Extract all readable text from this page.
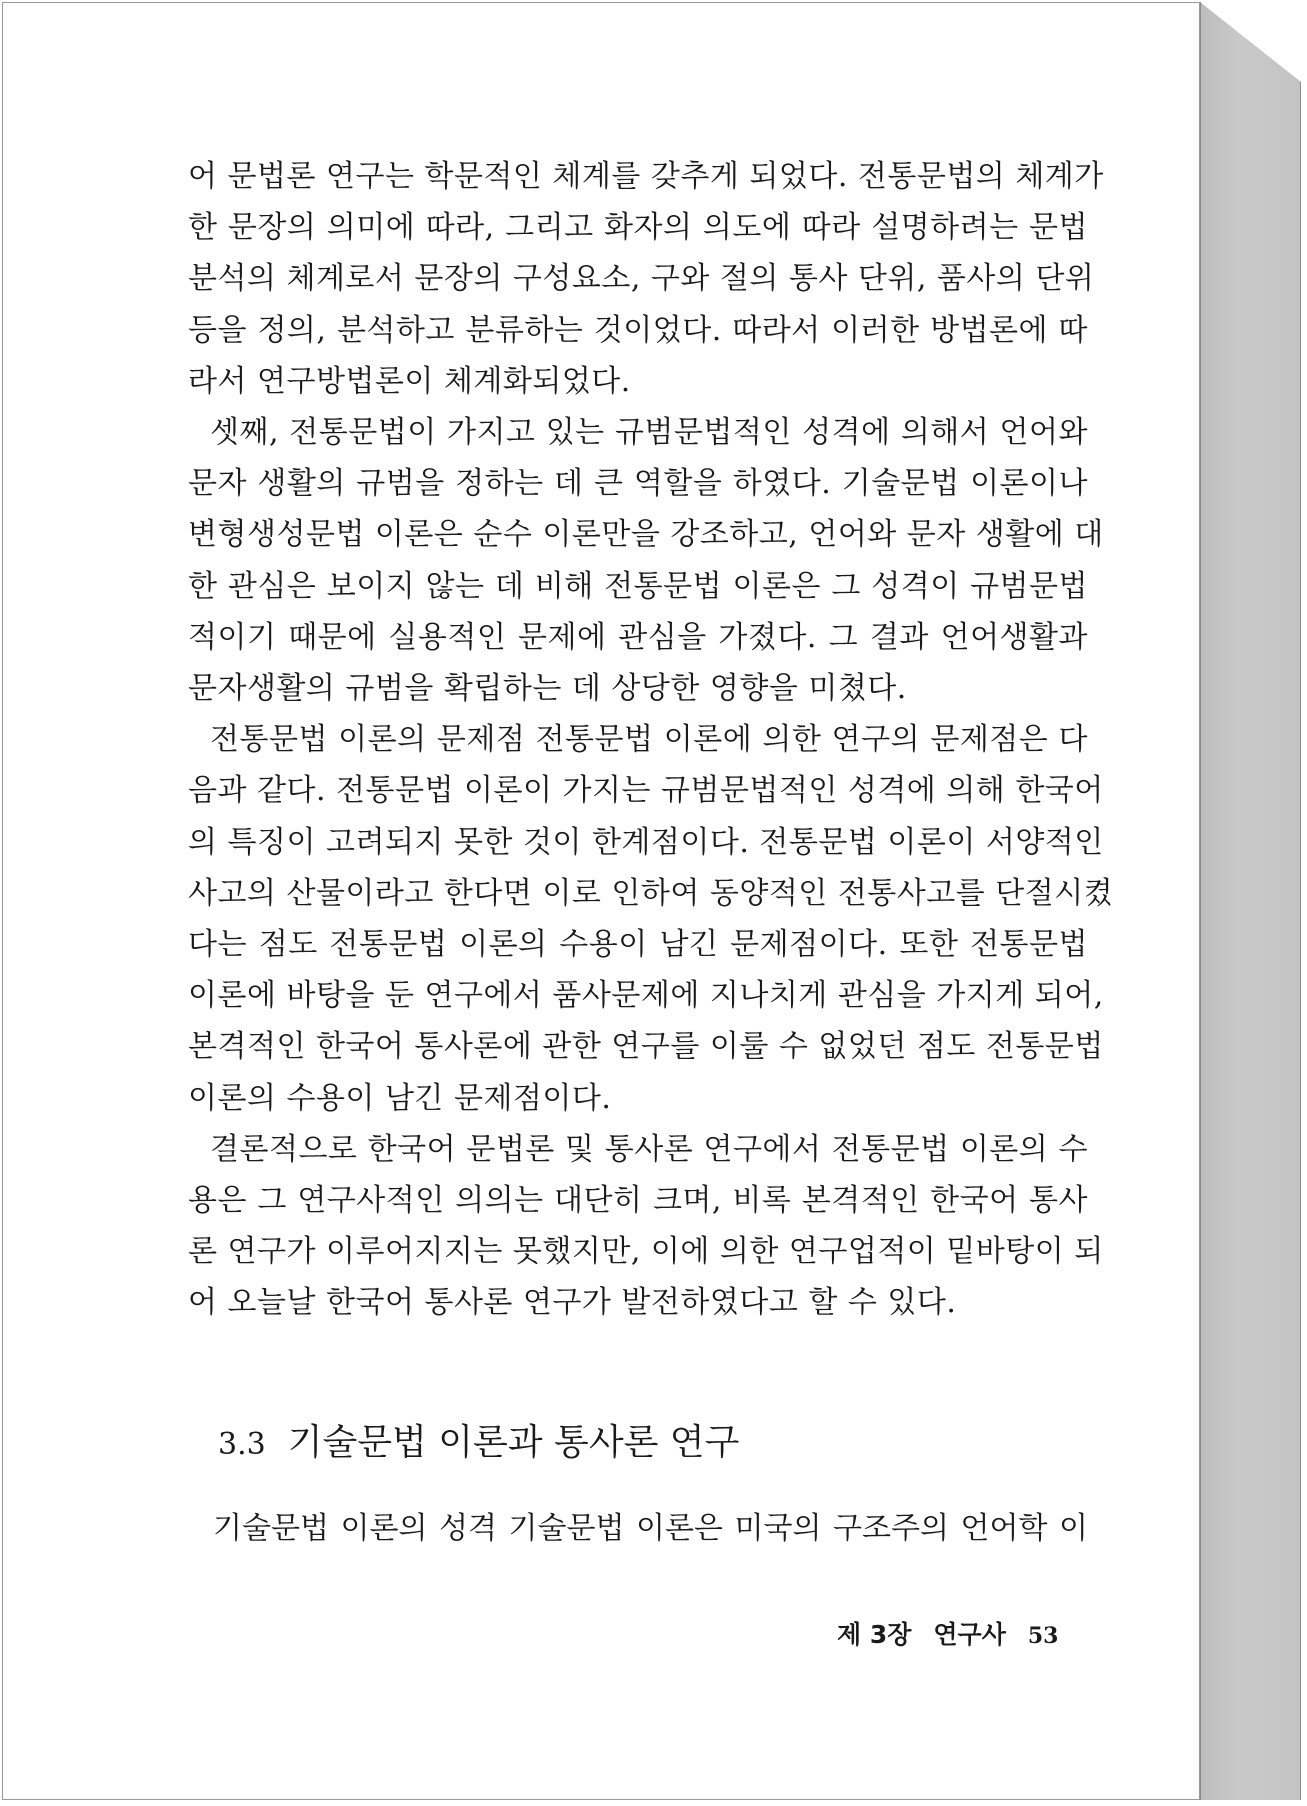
어 문법론 연구는 학문적인 체계를 갖추게 되었다. 전통문법의 체계가
한 문장의 의미에 따라, 그리고 화자의 의도에 따라 설명하려는 문법
분석의 체계로서 문장의 구성요소, 구와 절의 통사 단위, 품사의 단위
등을 정의, 분석하고 분류하는 것이었다. 따라서 이러한 방법론에 따
라서 연구방법론이 체계화되었다.
셋째, 전통문법이 가지고 있는 규범문법적인 성격에 의해서 언어와
문자 생활의 규범을 정하는 데 큰 역할을 하였다. 기술문법 이론이나
변형생성문법 이론은 순수 이론만을 강조하고, 언어와 문자 생활에 대
한 관심은 보이지 않는 데 비해 전통문법 이론은 그 성격이 규범문법
적이기 때문에 실용적인 문제에 관심을 가졌다. 그 결과 언어생활과
문자생활의 규범을 확립하는 데 상당한 영향을 미쳤다.
전통문법 이론의 문제점 전통문법 이론에 의한 연구의 문제점은 다
음과 같다. 전통문법 이론이 가지는 규범문법적인 성격에 의해 한국어
의 특징이 고려되지 못한 것이 한계점이다. 전통문법 이론이 서양적인
사고의 산물이라고 한다면 이로 인하여 동양적인 전통사고를 단절시켰
다는 점도 전통문법 이론의 수용이 남긴 문제점이다. 또한 전통문법
이론에 바탕을 둔 연구에서 품사문제에 지나치게 관심을 가지게 되어,
본격적인 한국어 통사론에 관한 연구를 이룰 수 없었던 점도 전통문법
이론의 수용이 남긴 문제점이다.
결론적으로 한국어 문법론 및 통사론 연구에서 전통문법 이론의 수
용은 그 연구사적인 의의는 대단히 크며, 비록 본격적인 한국어 통사
론 연구가 이루어지지는 못했지만, 이에 의한 연구업적이 밑바탕이 되
어 오늘날 한국어 통사론 연구가 발전하였다고 할 수 있다.
3.3 기술문법 이론과 통사론 연구
기술문법 이론의 성격 기술문법 이론은 미국의 구조주의 언어학 이
제 3장 연구사 53
